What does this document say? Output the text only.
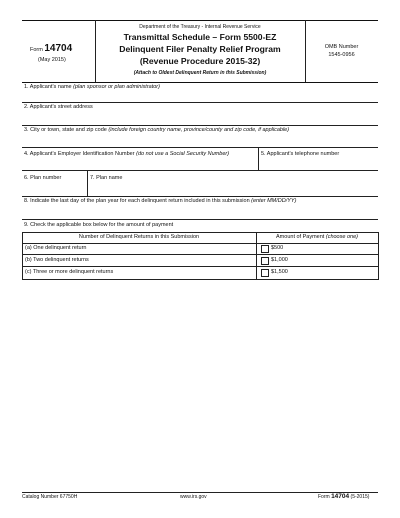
Form 14704
(May 2015)
Department of the Treasury - Internal Revenue Service
Transmittal Schedule – Form 5500-EZ
Delinquent Filer Penalty Relief Program
(Revenue Procedure 2015-32)
(Attach to Oldest Delinquent Return in this Submission)
OMB Number
1545-0956
1. Applicant’s name (plan sponsor or plan administrator)
2. Applicant’s street address
3. City or town, state and zip code (include foreign country name, province/county and zip code, if applicable)
4. Applicant’s Employer Identification Number (do not use a Social Security Number)	5. Applicant’s telephone number
6. Plan number	7. Plan name
8. Indicate the last day of the plan year for each delinquent return included in this submission (enter MM/DD/YY)
9. Check the applicable box below for the amount of payment
Number of Delinquent Returns in this Submission	Amount of Payment (choose one)
(a) One delinquent return	$500
(b) Two delinquent returns	$1,000
(c) Three or more delinquent returns	$1,500
Catalog Number 67750H	www.irs.gov	Form 14704 (5-2015)
